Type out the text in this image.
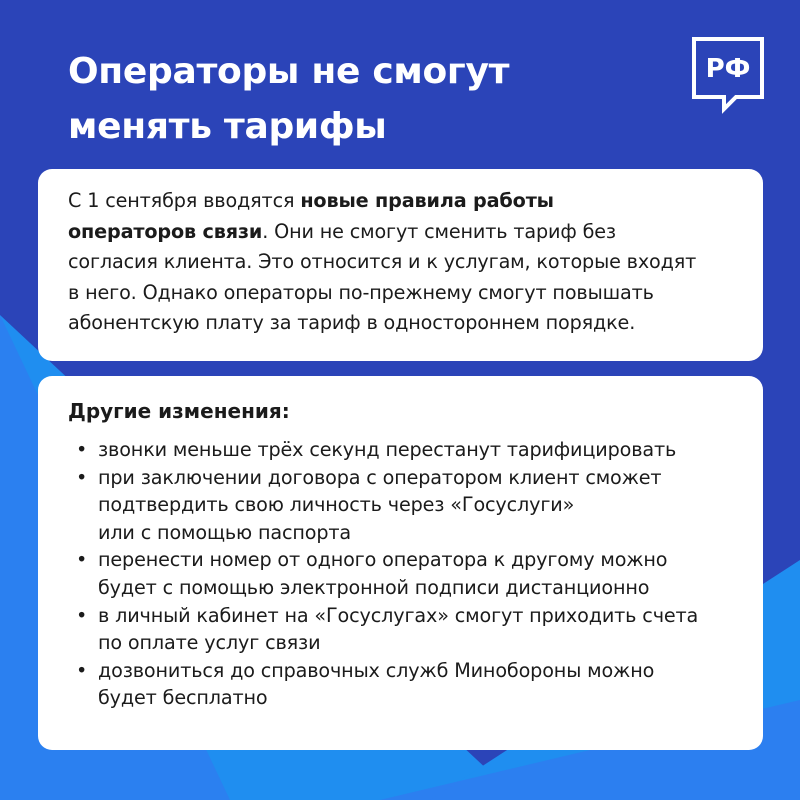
Операторы не смогут
менять тарифы
РФ

С 1 сентября вводятся новые правила работы
операторов связи. Они не смогут сменить тариф без
согласия клиента. Это относится и к услугам, которые входят
в него. Однако операторы по-прежнему смогут повышать
абонентскую плату за тариф в одностороннем порядке.

Другие изменения:
• звонки меньше трёх секунд перестанут тарифицировать
• при заключении договора с оператором клиент сможет
подтвердить свою личность через «Госуслуги»
или с помощью паспорта
• перенести номер от одного оператора к другому можно
будет с помощью электронной подписи дистанционно
• в личный кабинет на «Госуслугах» смогут приходить счета
по оплате услуг связи
• дозвониться до справочных служб Минобороны можно
будет бесплатно
